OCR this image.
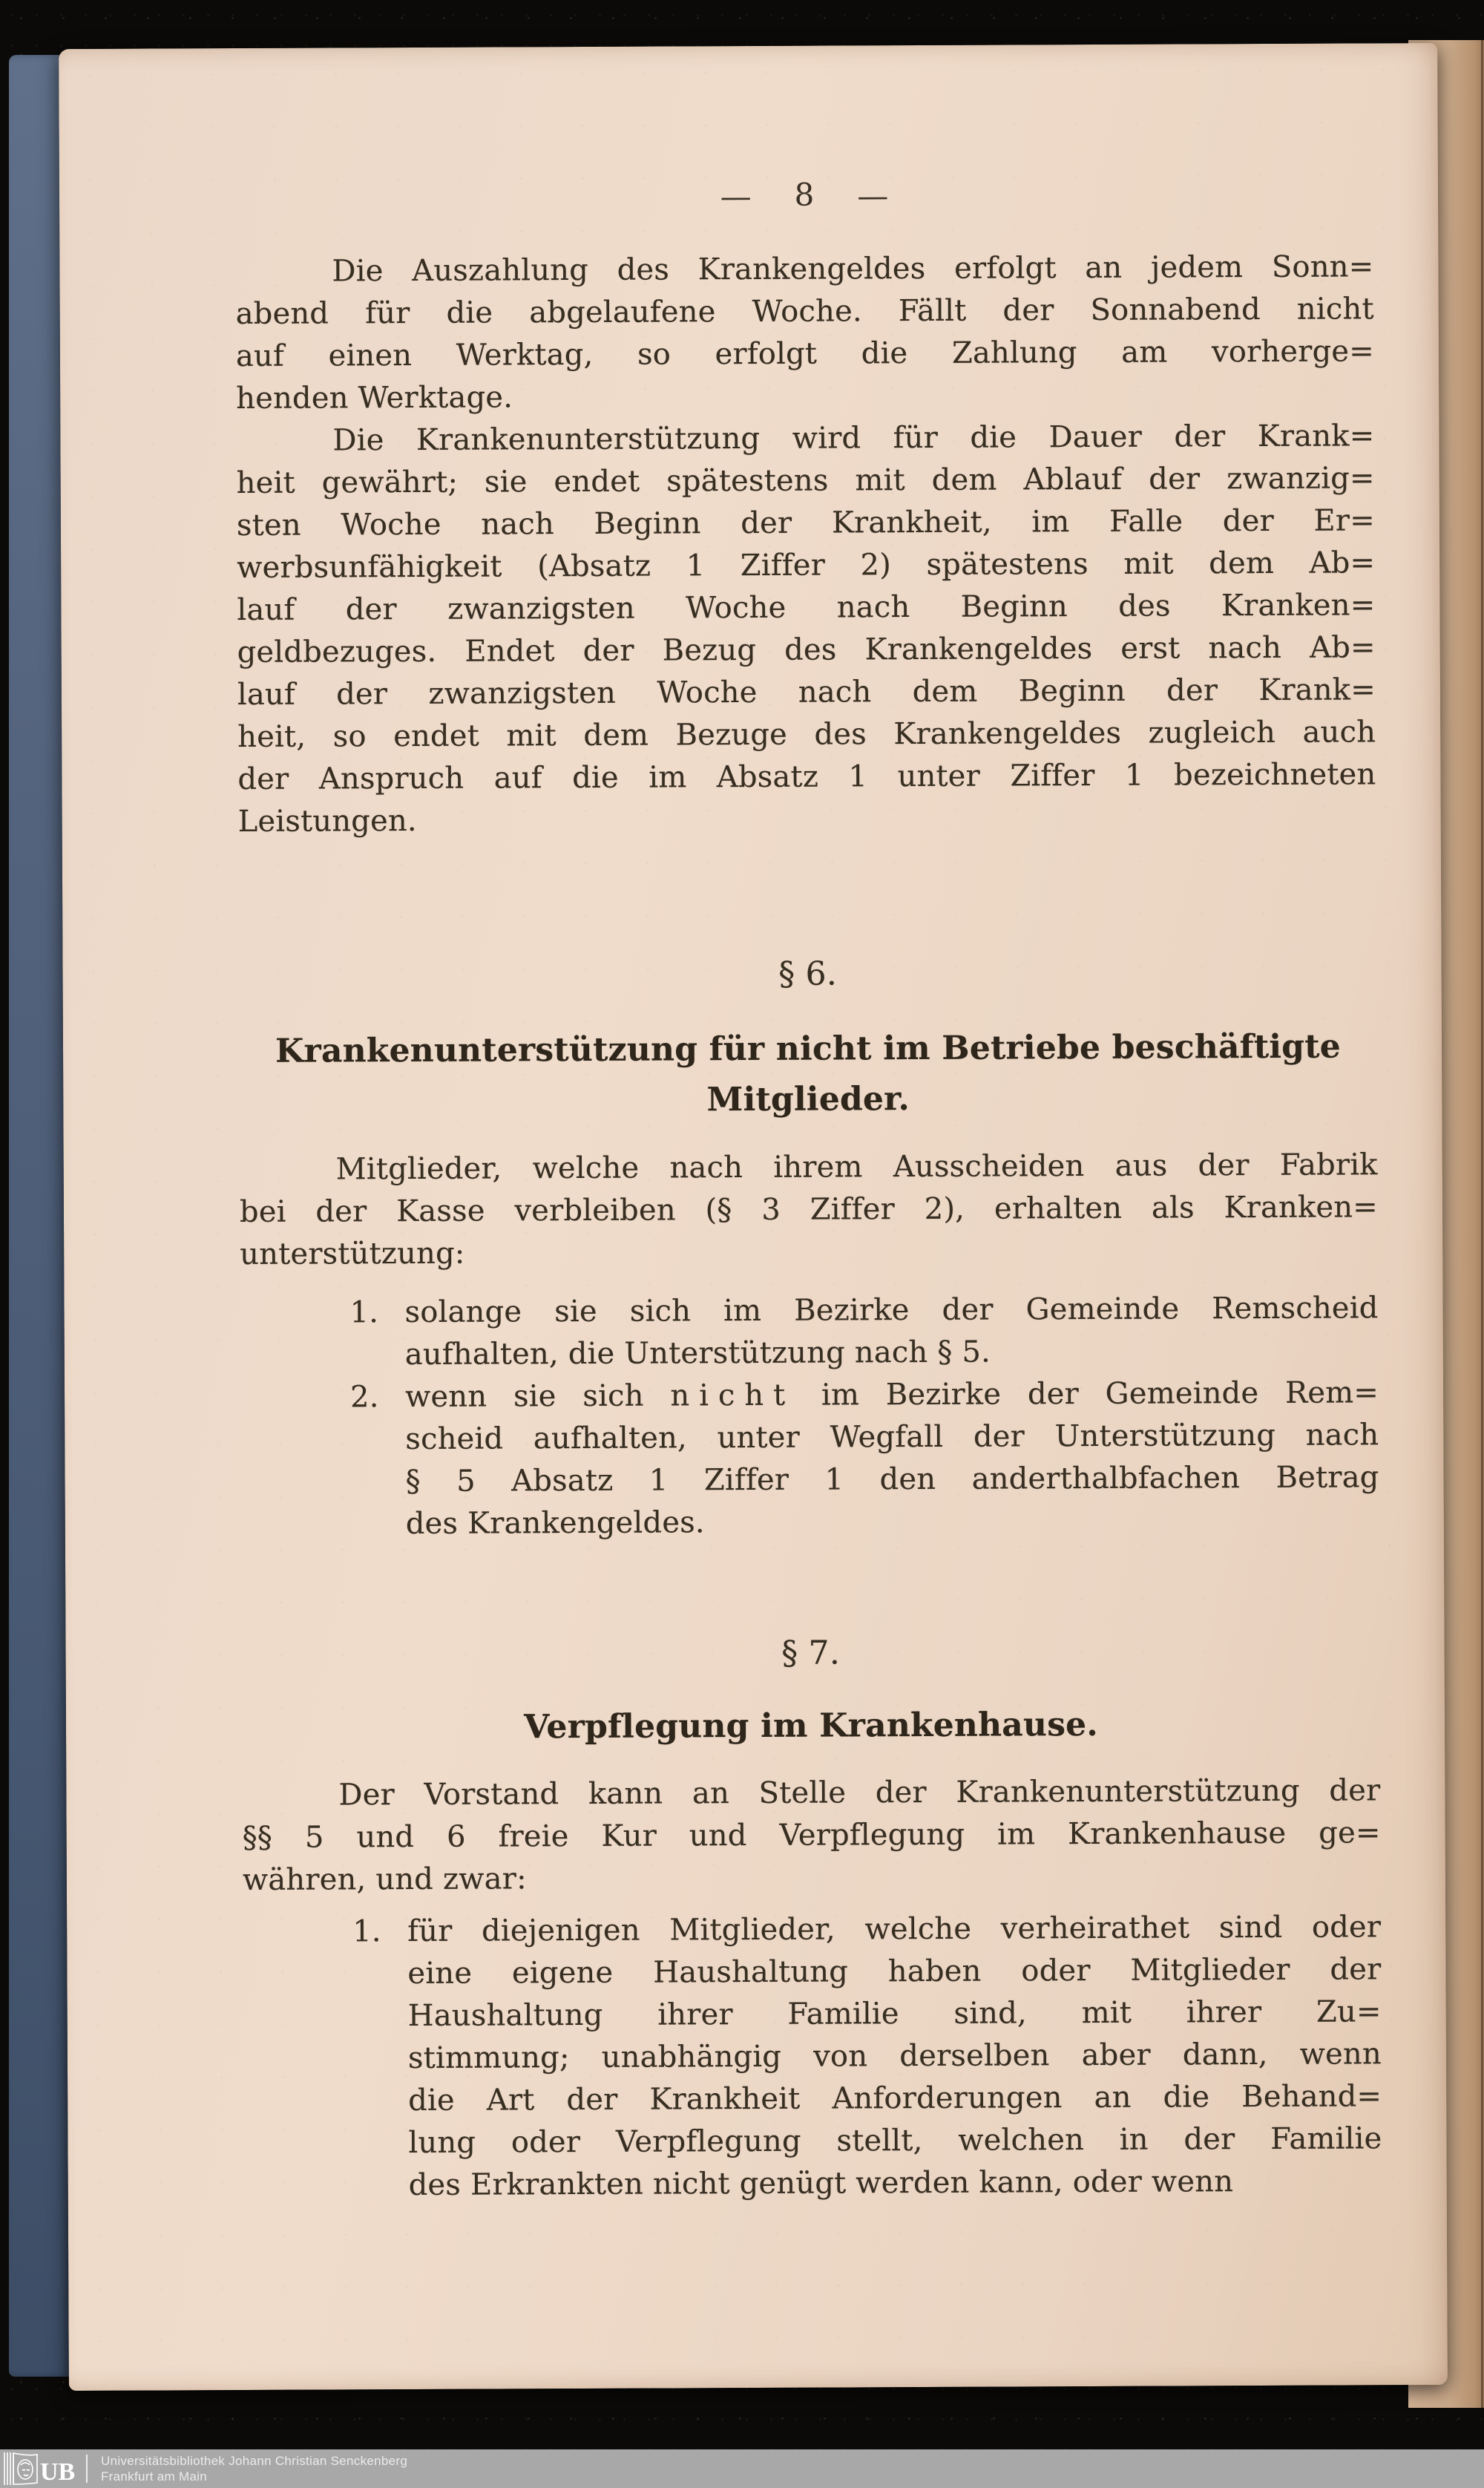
— 8 —
Die Auszahlung des Krankengeldes erfolgt an jedem Sonn=
abend für die abgelaufene Woche. Fällt der Sonnabend nicht
auf einen Werktag, so erfolgt die Zahlung am vorherge=
henden Werktage.
Die Krankenunterstützung wird für die Dauer der Krank=
heit gewährt; sie endet spätestens mit dem Ablauf der zwanzig=
sten Woche nach Beginn der Krankheit, im Falle der Er=
werbsunfähigkeit (Absatz 1 Ziffer 2) spätestens mit dem Ab=
lauf der zwanzigsten Woche nach Beginn des Kranken=
geldbezuges. Endet der Bezug des Krankengeldes erst nach Ab=
lauf der zwanzigsten Woche nach dem Beginn der Krank=
heit, so endet mit dem Bezuge des Krankengeldes zugleich auch
der Anspruch auf die im Absatz 1 unter Ziffer 1 bezeichneten
Leistungen.
§ 6.
Krankenunterstützung für nicht im Betriebe beschäftigte
Mitglieder.
Mitglieder, welche nach ihrem Ausscheiden aus der Fabrik
bei der Kasse verbleiben (§ 3 Ziffer 2), erhalten als Kranken=
unterstützung:
1. solange sie sich im Bezirke der Gemeinde Remscheid
aufhalten, die Unterstützung nach § 5.
2. wenn sie sich nicht im Bezirke der Gemeinde Rem=
scheid aufhalten, unter Wegfall der Unterstützung nach
§ 5 Absatz 1 Ziffer 1 den anderthalbfachen Betrag
des Krankengeldes.
§ 7.
Verpflegung im Krankenhause.
Der Vorstand kann an Stelle der Krankenunterstützung der
§§ 5 und 6 freie Kur und Verpflegung im Krankenhause ge=
währen, und zwar:
1. für diejenigen Mitglieder, welche verheirathet sind oder
eine eigene Haushaltung haben oder Mitglieder der
Haushaltung ihrer Familie sind, mit ihrer Zu=
stimmung; unabhängig von derselben aber dann, wenn
die Art der Krankheit Anforderungen an die Behand=
lung oder Verpflegung stellt, welchen in der Familie
des Erkrankten nicht genügt werden kann, oder wenn
UB Universitätsbibliothek Johann Christian Senckenberg
Frankfurt am Main
